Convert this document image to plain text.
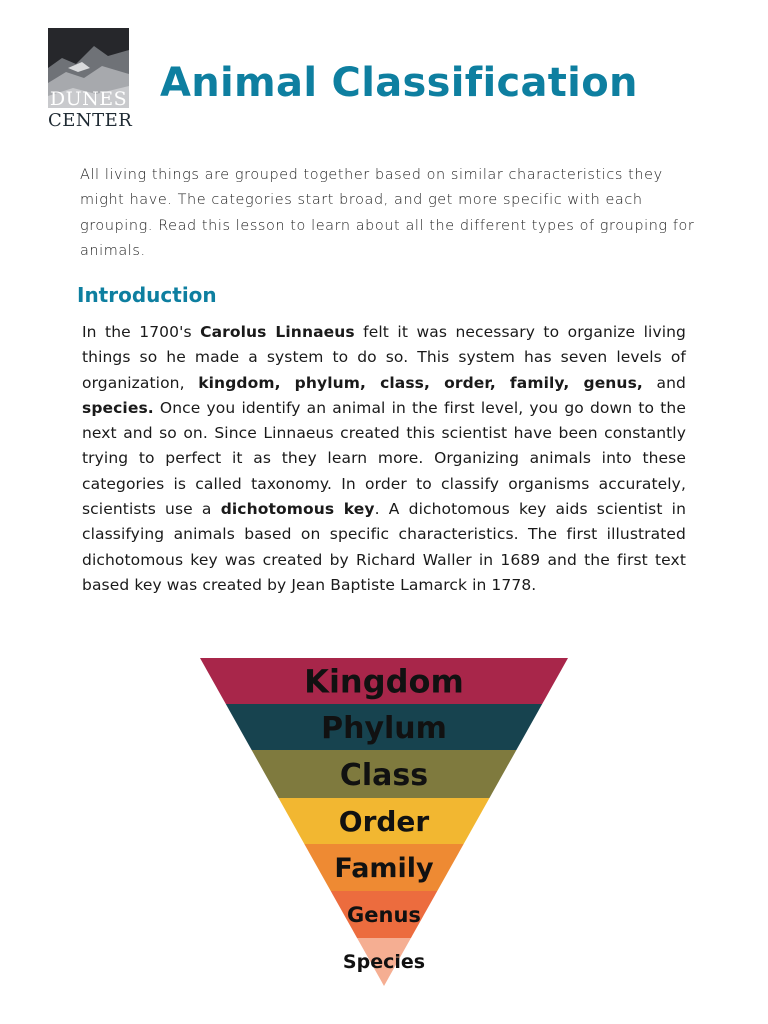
DUNES
CENTER
Animal Classification

All living things are grouped together based on similar characteristics they might have. The categories start broad, and get more specific with each grouping. Read this lesson to learn about all the different types of grouping for animals.

Introduction

In the 1700's Carolus Linnaeus felt it was necessary to organize living things so he made a system to do so. This system has seven levels of organization, kingdom, phylum, class, order, family, genus, and species. Once you identify an animal in the first level, you go down to the next and so on. Since Linnaeus created this scientist have been constantly trying to perfect it as they learn more. Organizing animals into these categories is called taxonomy. In order to classify organisms accurately, scientists use a dichotomous key. A dichotomous key aids scientist in classifying animals based on specific characteristics. The first illustrated dichotomous key was created by Richard Waller in 1689 and the first text based key was created by Jean Baptiste Lamarck in 1778.

Kingdom
Phylum
Class
Order
Family
Genus
Species
